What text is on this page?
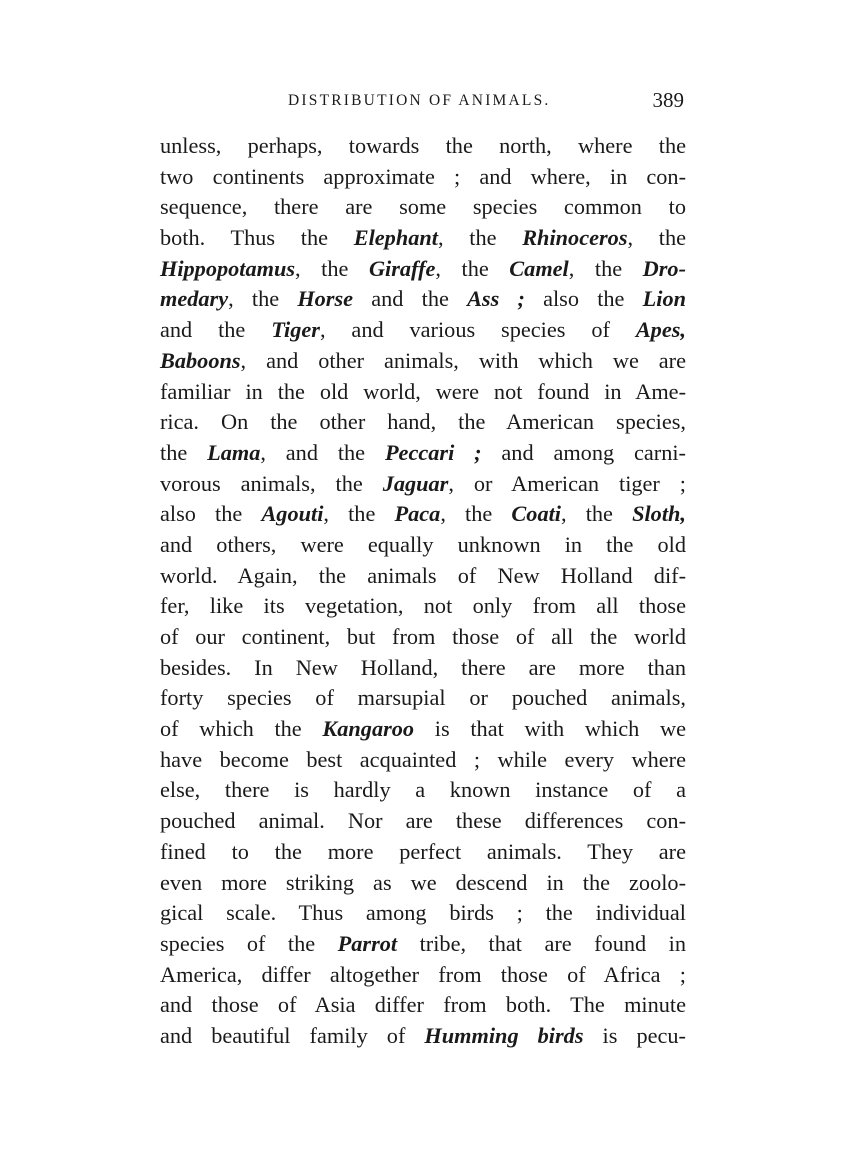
DISTRIBUTION OF ANIMALS.	389
unless, perhaps, towards the north, where the
two continents approximate ; and where, in con-
sequence, there are some species common to
both. Thus the Elephant, the Rhinoceros, the
Hippopotamus, the Giraffe, the Camel, the Dro-
medary, the Horse and the Ass ; also the Lion
and the Tiger, and various species of Apes,
Baboons, and other animals, with which we are
familiar in the old world, were not found in Ame-
rica. On the other hand, the American species,
the Lama, and the Peccari ; and among carni-
vorous animals, the Jaguar, or American tiger ;
also the Agouti, the Paca, the Coati, the Sloth,
and others, were equally unknown in the old
world. Again, the animals of New Holland dif-
fer, like its vegetation, not only from all those
of our continent, but from those of all the world
besides. In New Holland, there are more than
forty species of marsupial or pouched animals,
of which the Kangaroo is that with which we
have become best acquainted ; while every where
else, there is hardly a known instance of a
pouched animal. Nor are these differences con-
fined to the more perfect animals. They are
even more striking as we descend in the zoolo-
gical scale. Thus among birds ; the individual
species of the Parrot tribe, that are found in
America, differ altogether from those of Africa ;
and those of Asia differ from both. The minute
and beautiful family of Humming birds is pecu-
